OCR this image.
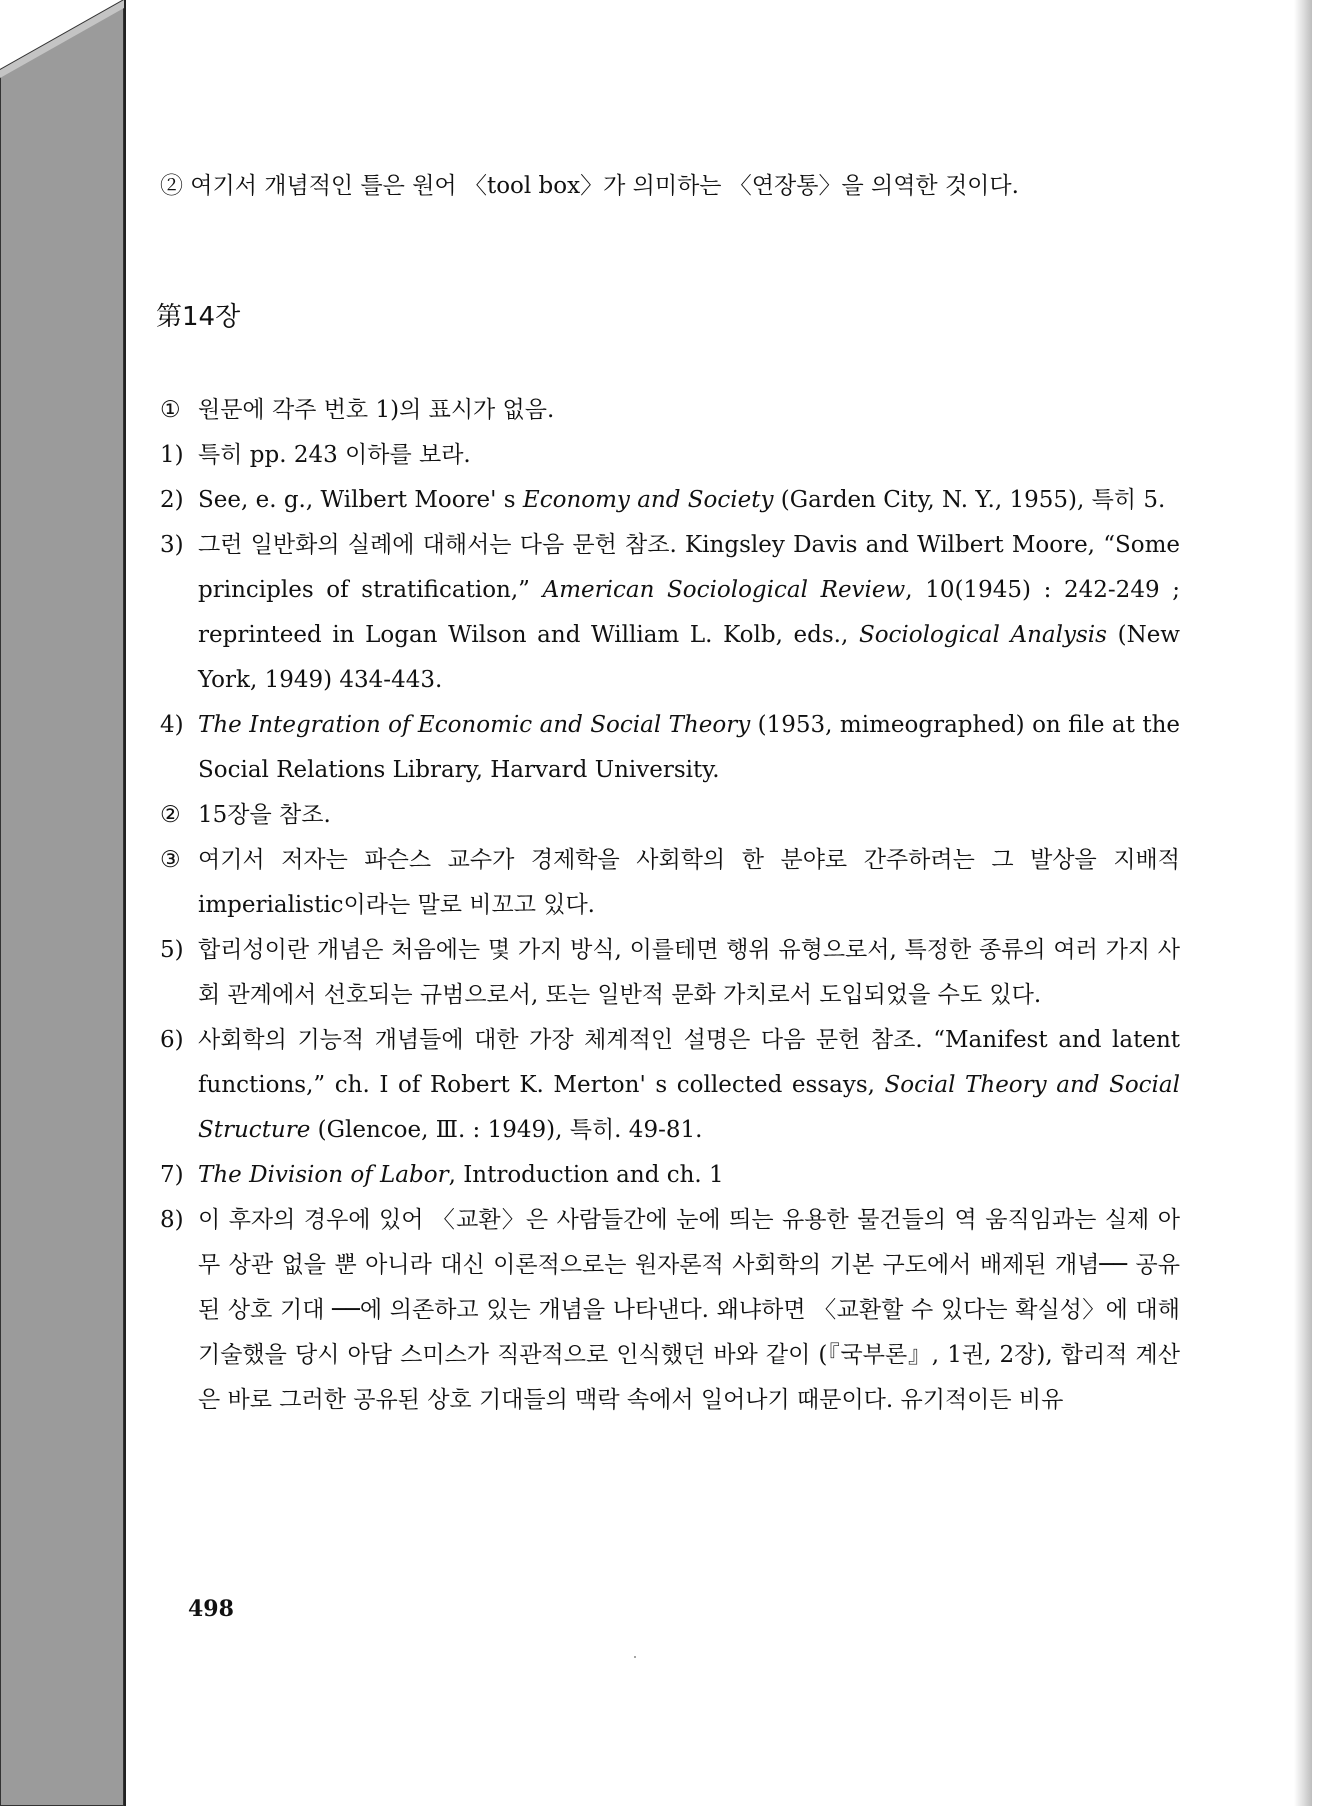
② 여기서 개념적인 틀은 원어 〈tool box〉가 의미하는 〈연장통〉을 의역한 것이다.
第14장
① 원문에 각주 번호 1)의 표시가 없음.
1) 특히 pp. 243 이하를 보라.
2) See, e. g., Wilbert Moore' s Economy and Society (Garden City, N. Y., 1955), 특히 5.
3) 그런 일반화의 실례에 대해서는 다음 문헌 참조. Kingsley Davis and Wilbert Moore, “Some principles of stratification,” American Sociological Review, 10(1945) : 242-249 ; reprinteed in Logan Wilson and William L. Kolb, eds., Sociological Analysis (New York, 1949) 434-443.
4) The Integration of Economic and Social Theory (1953, mimeographed) on file at the Social Relations Library, Harvard University.
② 15장을 참조.
③ 여기서 저자는 파슨스 교수가 경제학을 사회학의 한 분야로 간주하려는 그 발상을 지배적 imperialistic이라는 말로 비꼬고 있다.
5) 합리성이란 개념은 처음에는 몇 가지 방식, 이를테면 행위 유형으로서, 특정한 종류의 여러 가지 사회 관계에서 선호되는 규범으로서, 또는 일반적 문화 가치로서 도입되었을 수도 있다.
6) 사회학의 기능적 개념들에 대한 가장 체계적인 설명은 다음 문헌 참조. “Manifest and latent functions,” ch. I of Robert K. Merton' s collected essays, Social Theory and Social Structure (Glencoe, Ⅲ. : 1949), 특히. 49-81.
7) The Division of Labor, Introduction and ch. 1
8) 이 후자의 경우에 있어 〈교환〉은 사람들간에 눈에 띄는 유용한 물건들의 역 움직임과는 실제 아무 상관 없을 뿐 아니라 대신 이론적으로는 원자론적 사회학의 기본 구도에서 배제된 개념── 공유된 상호 기대 ──에 의존하고 있는 개념을 나타낸다. 왜냐하면 〈교환할 수 있다는 확실성〉에 대해 기술했을 당시 아담 스미스가 직관적으로 인식했던 바와 같이 (『국부론』, 1권, 2장), 합리적 계산은 바로 그러한 공유된 상호 기대들의 맥락 속에서 일어나기 때문이다. 유기적이든 비유
498
